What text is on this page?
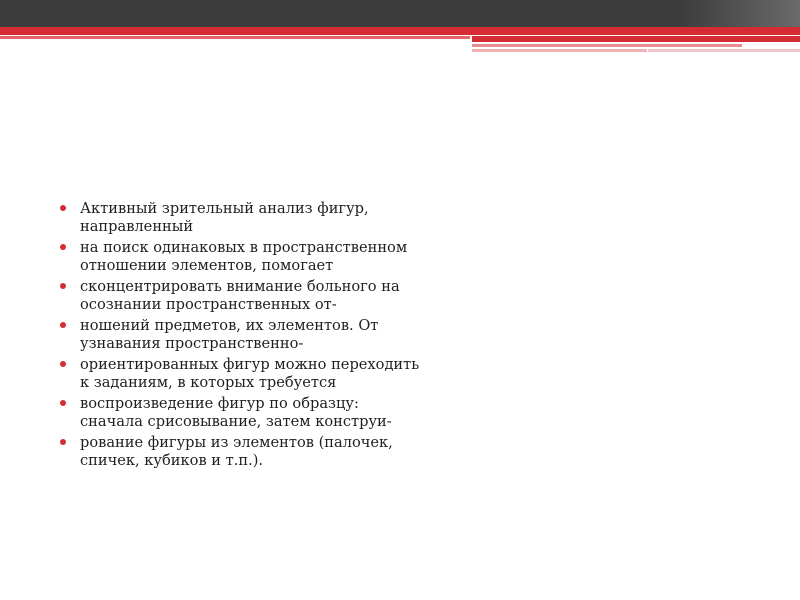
Активный зрительный анализ фигур, направленный
на поиск одинаковых в пространственном отношении элементов, помогает
сконцентрировать внимание больного на осознании пространственных от-
ношений предметов, их элементов. От узнавания пространственно-
ориентированных фигур можно переходить к заданиям, в которых требуется
воспроизведение фигур по образцу: сначала срисовывание, затем конструи-
рование фигуры из элементов (палочек, спичек, кубиков и т.п.).
